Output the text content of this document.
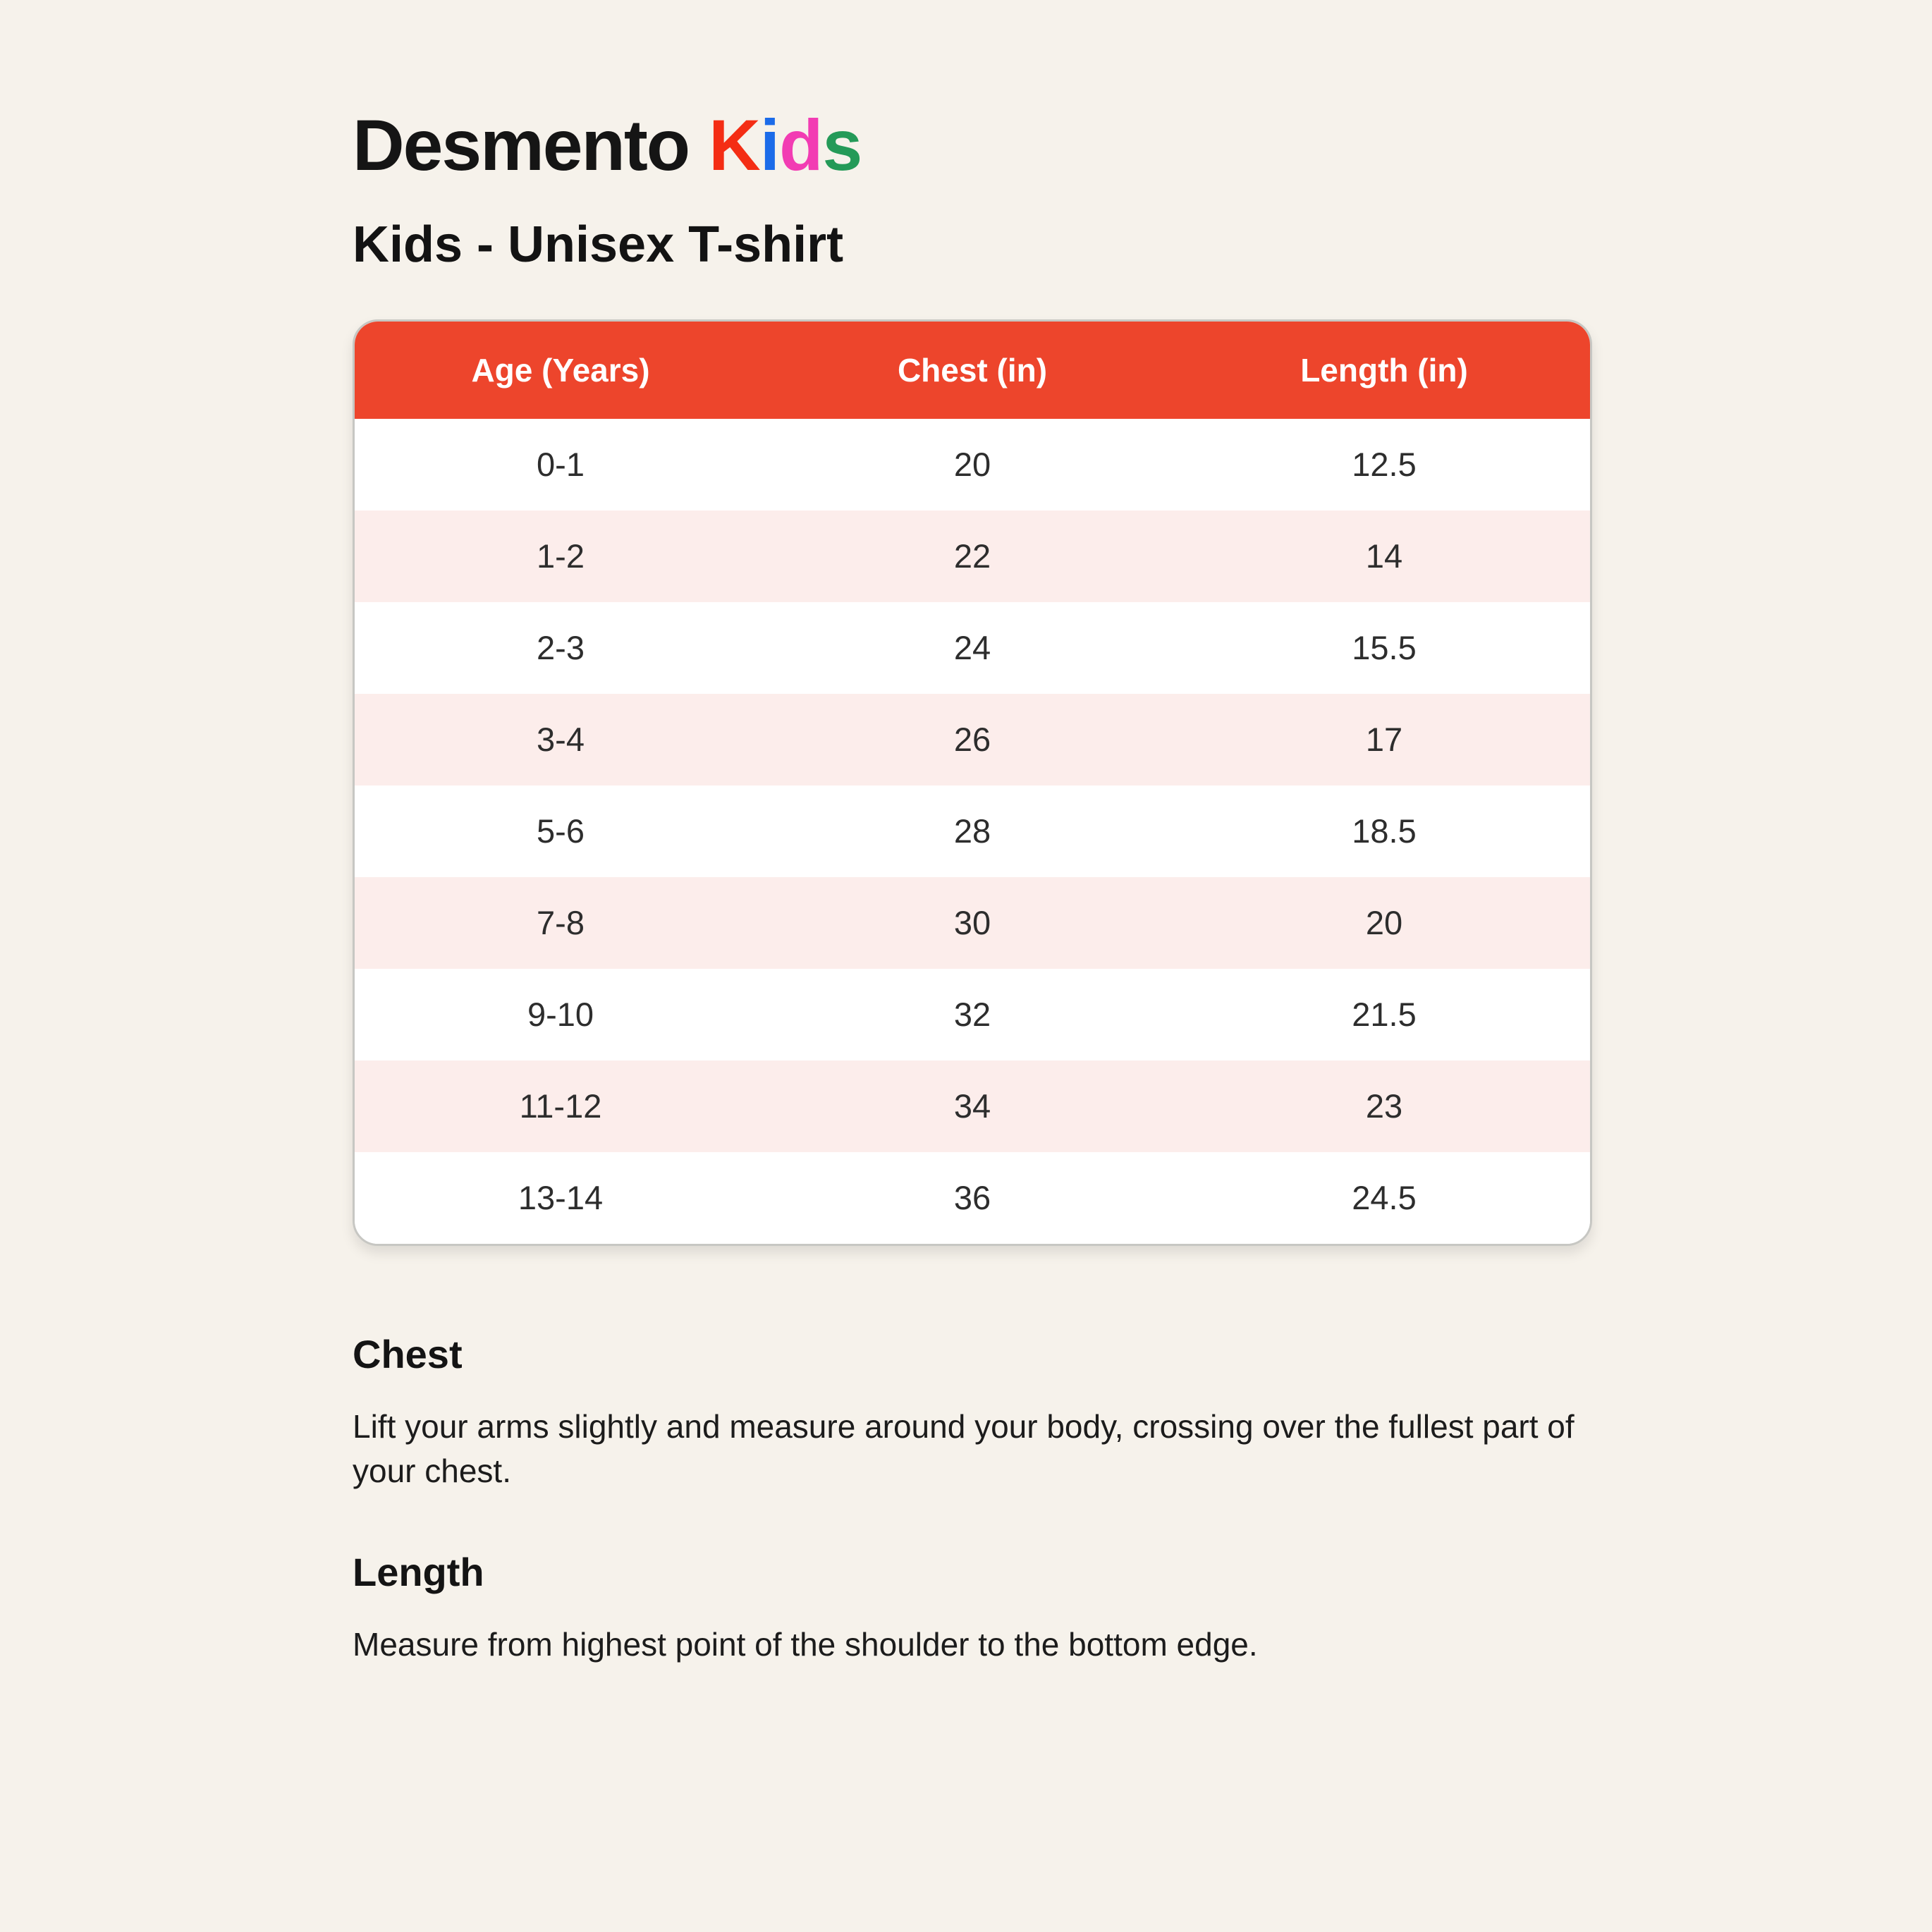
Desmento Kids
Kids - Unisex T-shirt
Age (Years)	Chest (in)	Length (in)
0-1	20	12.5
1-2	22	14
2-3	24	15.5
3-4	26	17
5-6	28	18.5
7-8	30	20
9-10	32	21.5
11-12	34	23
13-14	36	24.5
Chest

Lift your arms slightly and measure around your body, crossing over the fullest part of your chest.

Length

Measure from highest point of the shoulder to the bottom edge.
